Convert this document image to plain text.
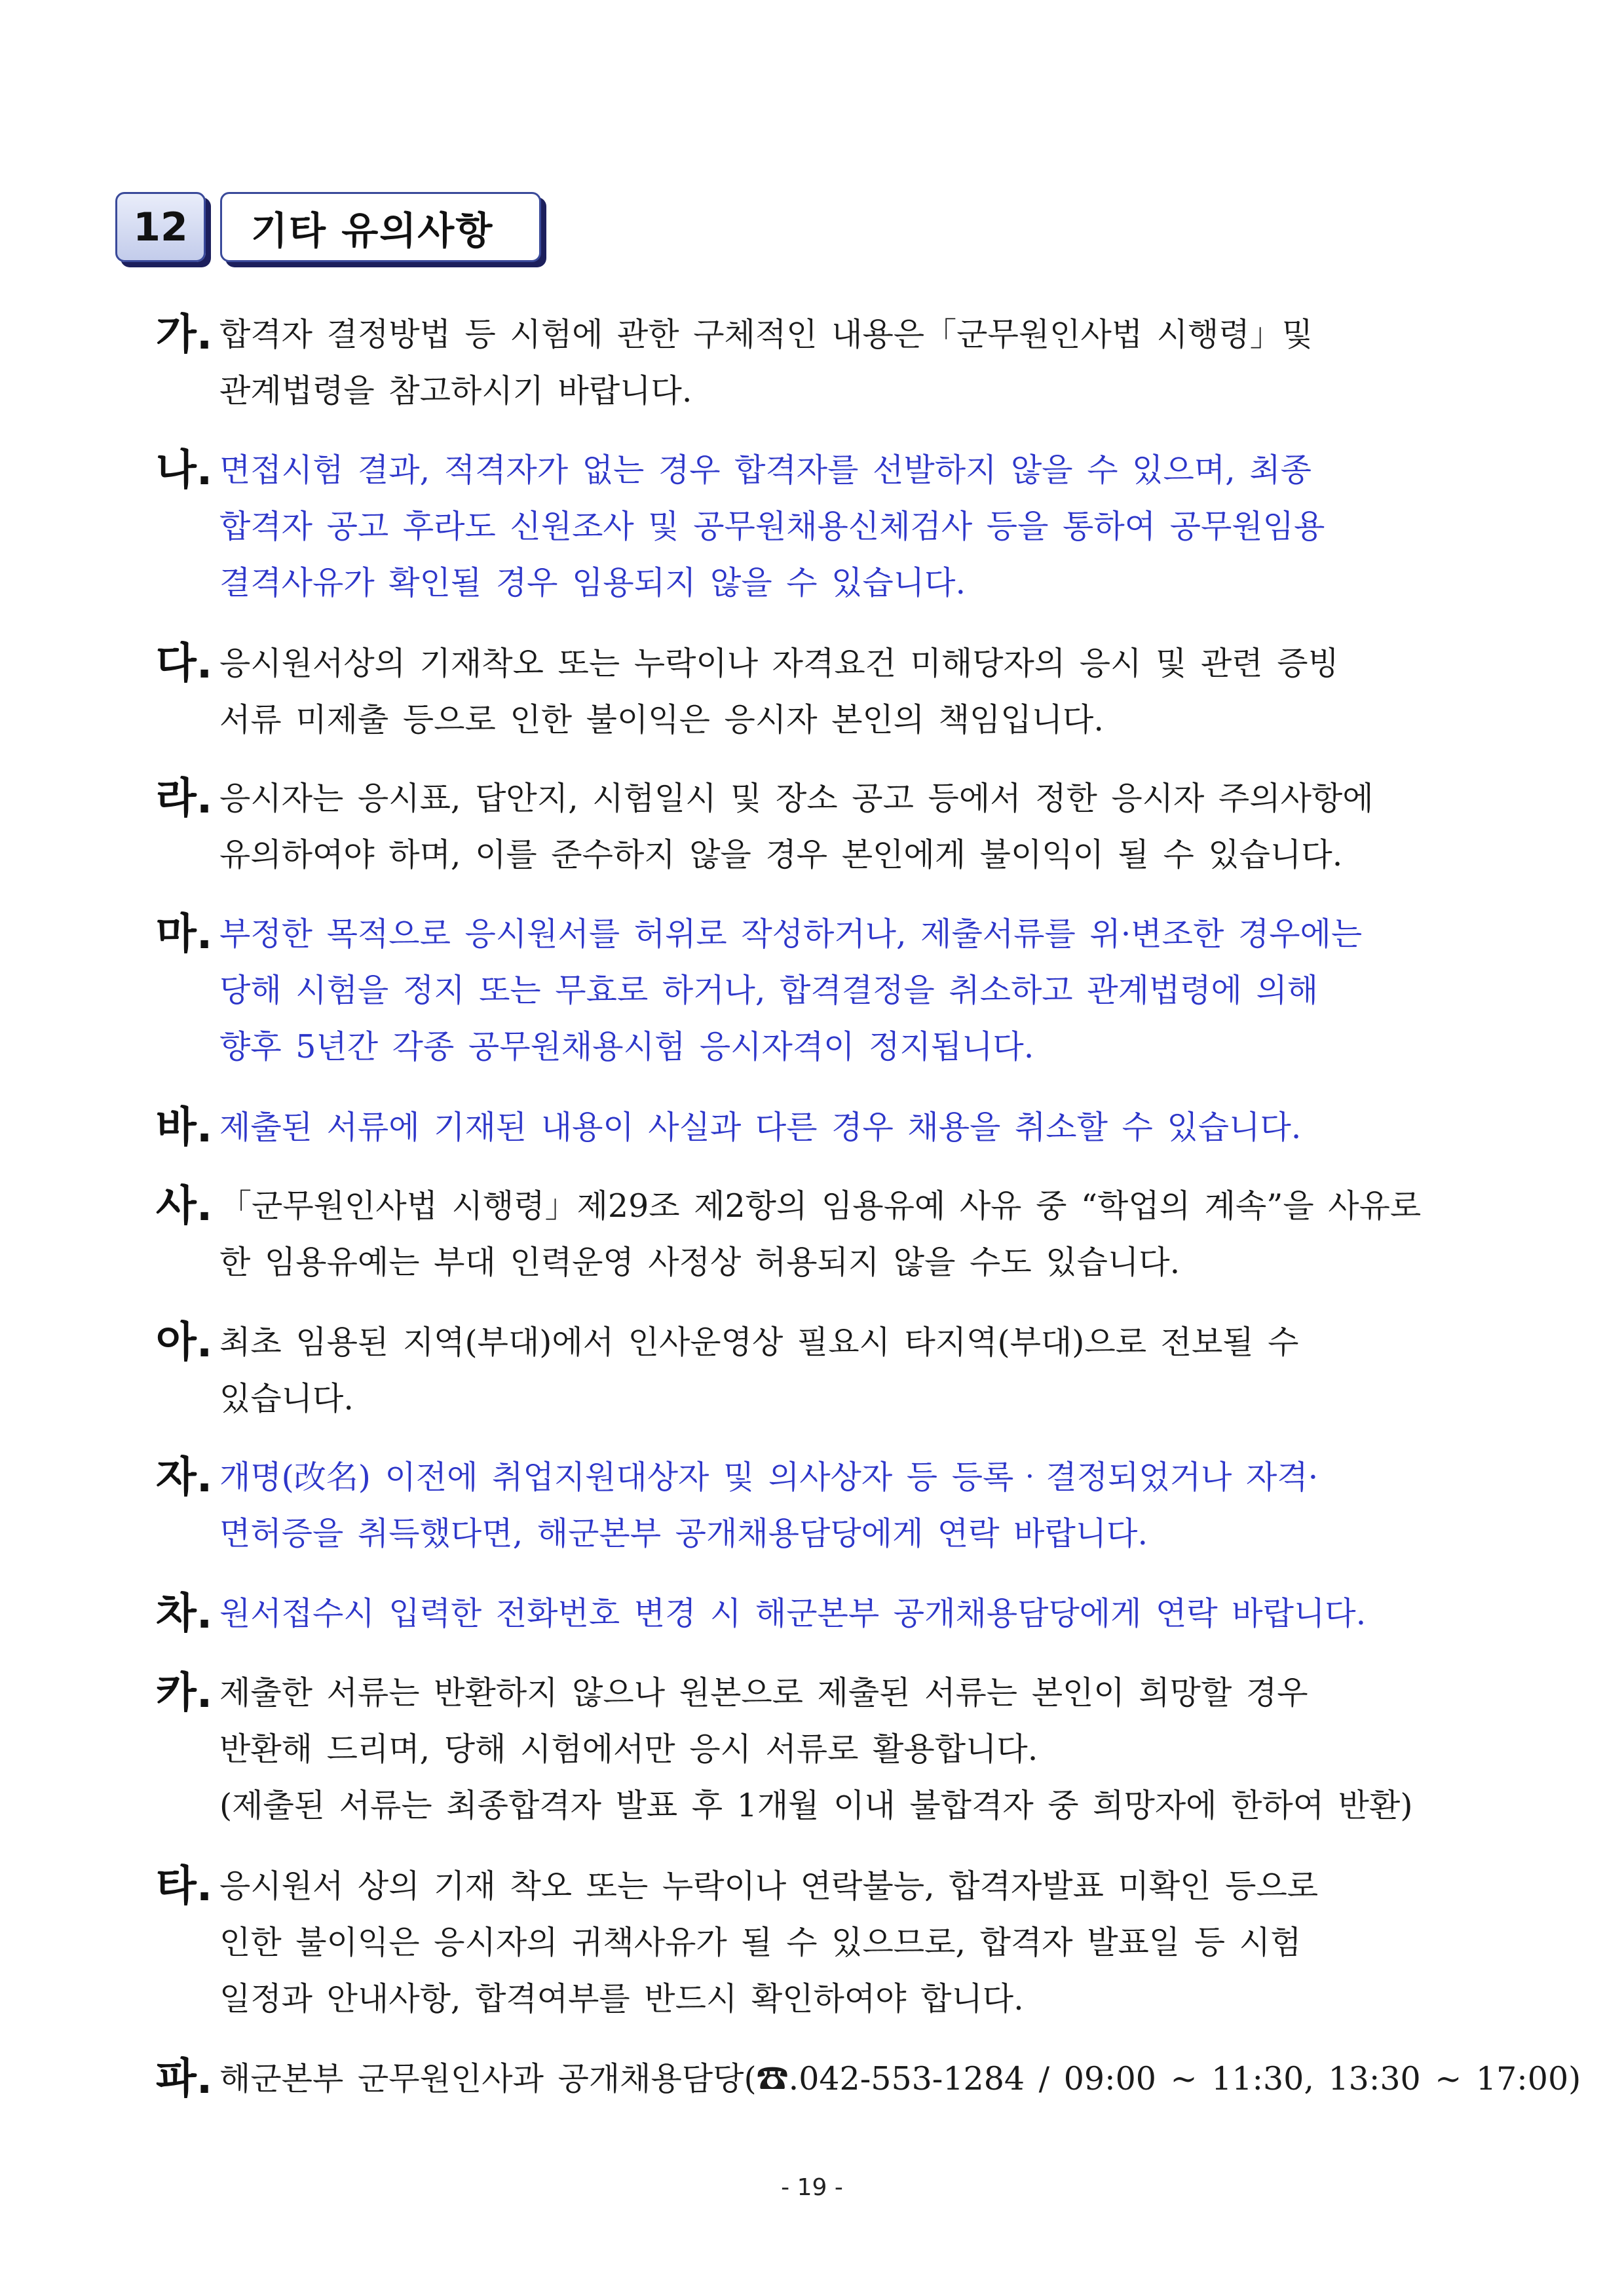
12	기타 유의사항
가. 합격자 결정방법 등 시험에 관한 구체적인 내용은「군무원인사법 시행령」및
관계법령을 참고하시기 바랍니다.
나. 면접시험 결과, 적격자가 없는 경우 합격자를 선발하지 않을 수 있으며, 최종
합격자 공고 후라도 신원조사 및 공무원채용신체검사 등을 통하여 공무원임용
결격사유가 확인될 경우 임용되지 않을 수 있습니다.
다. 응시원서상의 기재착오 또는 누락이나 자격요건 미해당자의 응시 및 관련 증빙
서류 미제출 등으로 인한 불이익은 응시자 본인의 책임입니다.
라. 응시자는 응시표, 답안지, 시험일시 및 장소 공고 등에서 정한 응시자 주의사항에
유의하여야 하며, 이를 준수하지 않을 경우 본인에게 불이익이 될 수 있습니다.
마. 부정한 목적으로 응시원서를 허위로 작성하거나, 제출서류를 위·변조한 경우에는
당해 시험을 정지 또는 무효로 하거나, 합격결정을 취소하고 관계법령에 의해
향후 5년간 각종 공무원채용시험 응시자격이 정지됩니다.
바. 제출된 서류에 기재된 내용이 사실과 다른 경우 채용을 취소할 수 있습니다.
사. 「군무원인사법 시행령」제29조 제2항의 임용유예 사유 중 “학업의 계속”을 사유로
한 임용유예는 부대 인력운영 사정상 허용되지 않을 수도 있습니다.
아. 최초 임용된 지역(부대)에서 인사운영상 필요시 타지역(부대)으로 전보될 수
있습니다.
자. 개명(改名) 이전에 취업지원대상자 및 의사상자 등 등록‧결정되었거나 자격·
면허증을 취득했다면, 해군본부 공개채용담당에게 연락 바랍니다.
차. 원서접수시 입력한 전화번호 변경 시 해군본부 공개채용담당에게 연락 바랍니다.
카. 제출한 서류는 반환하지 않으나 원본으로 제출된 서류는 본인이 희망할 경우
반환해 드리며, 당해 시험에서만 응시 서류로 활용합니다.
(제출된 서류는 최종합격자 발표 후 1개월 이내 불합격자 중 희망자에 한하여 반환)
타. 응시원서 상의 기재 착오 또는 누락이나 연락불능, 합격자발표 미확인 등으로
인한 불이익은 응시자의 귀책사유가 될 수 있으므로, 합격자 발표일 등 시험
일정과 안내사항, 합격여부를 반드시 확인하여야 합니다.
파. 해군본부 군무원인사과 공개채용담당(☎.042-553-1284 / 09:00 ~ 11:30, 13:30 ~ 17:00)
- 19 -
